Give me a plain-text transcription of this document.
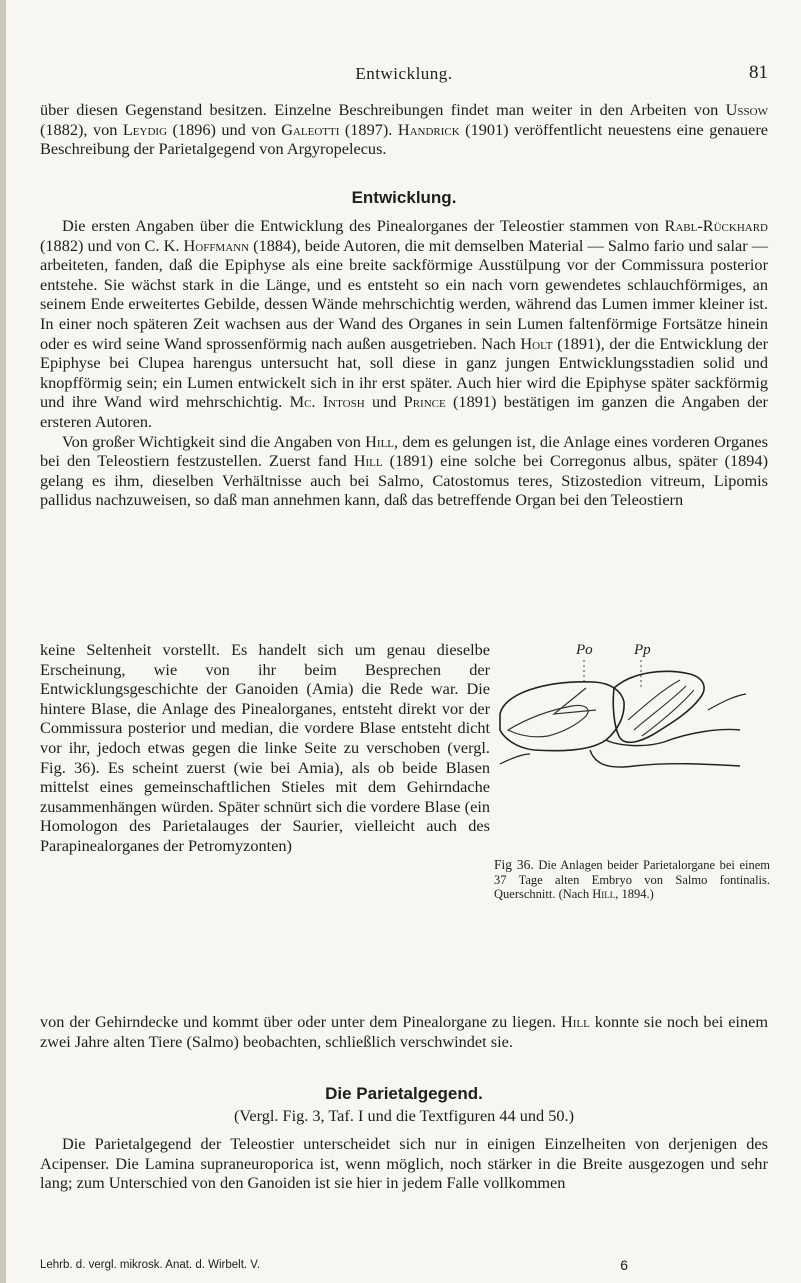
Entwicklung.	81

über diesen Gegenstand besitzen. Einzelne Beschreibungen findet man weiter in den Arbeiten von Ussow (1882), von Leydig (1896) und von Galeotti (1897). Handrick (1901) veröffentlicht neuestens eine genauere Beschreibung der Parietalgegend von Argyropelecus.

Entwicklung.

Die ersten Angaben über die Entwicklung des Pinealorganes der Teleostier stammen von Rabl-Rückhard (1882) und von C. K. Hoffmann (1884), beide Autoren, die mit demselben Material — Salmo fario und salar — arbeiteten, fanden, daß die Epiphyse als eine breite sackförmige Ausstülpung vor der Commissura posterior entstehe. Sie wächst stark in die Länge, und es entsteht so ein nach vorn gewendetes schlauchförmiges, an seinem Ende erweitertes Gebilde, dessen Wände mehrschichtig werden, während das Lumen immer kleiner ist. In einer noch späteren Zeit wachsen aus der Wand des Organes in sein Lumen faltenförmige Fortsätze hinein oder es wird seine Wand sprossenförmig nach außen ausgetrieben. Nach Holt (1891), der die Entwicklung der Epiphyse bei Clupea harengus untersucht hat, soll diese in ganz jungen Entwicklungsstadien solid und knopfförmig sein; ein Lumen entwickelt sich in ihr erst später. Auch hier wird die Epiphyse später sackförmig und ihre Wand wird mehrschichtig. Mc. Intosh und Prince (1891) bestätigen im ganzen die Angaben der ersteren Autoren.

Von großer Wichtigkeit sind die Angaben von Hill, dem es gelungen ist, die Anlage eines vorderen Organes bei den Teleostiern festzustellen. Zuerst fand Hill (1891) eine solche bei Corregonus albus, später (1894) gelang es ihm, dieselben Verhältnisse auch bei Salmo, Catostomus teres, Stizostedion vitreum, Lipomis pallidus nachzuweisen, so daß man annehmen kann, daß das betreffende Organ bei den Teleostiern

keine Seltenheit vorstellt. Es handelt sich um genau dieselbe Erscheinung, wie von ihr beim Besprechen der Entwicklungsgeschichte der Ganoiden (Amia) die Rede war. Die hintere Blase, die Anlage des Pinealorganes, entsteht direkt vor der Commissura posterior und median, die vordere Blase entsteht dicht vor ihr, jedoch etwas gegen die linke Seite zu verschoben (vergl. Fig. 36). Es scheint zuerst (wie bei Amia), als ob beide Blasen mittelst eines gemeinschaftlichen Stieles mit dem Gehirndache zusammenhängen würden. Später schnürt sich die vordere Blase (ein Homologon des Parietalauges der Saurier, vielleicht auch des Parapinealorganes der Petromyzonten)

Po	Pp
Fig 36. Die Anlagen beider Parietalorgane bei einem 37 Tage alten Embryo von Salmo fontinalis. Querschnitt. (Nach Hill, 1894.)

von der Gehirndecke und kommt über oder unter dem Pinealorgane zu liegen. Hill konnte sie noch bei einem zwei Jahre alten Tiere (Salmo) beobachten, schließlich verschwindet sie.

Die Parietalgegend.

(Vergl. Fig. 3, Taf. I und die Textfiguren 44 und 50.)

Die Parietalgegend der Teleostier unterscheidet sich nur in einigen Einzelheiten von derjenigen des Acipenser. Die Lamina supraneuroporica ist, wenn möglich, noch stärker in die Breite ausgezogen und sehr lang; zum Unterschied von den Ganoiden ist sie hier in jedem Falle vollkommen

Lehrb. d. vergl. mikrosk. Anat. d. Wirbelt. V.	6
